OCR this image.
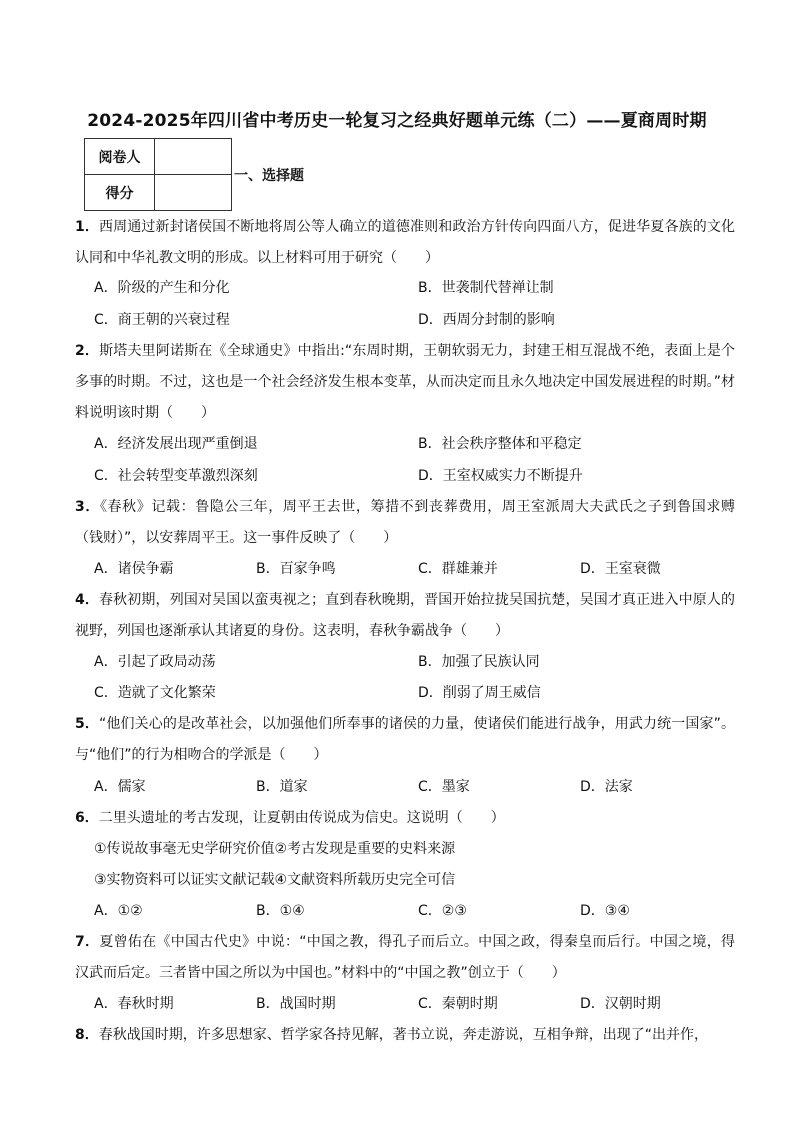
2024-2025年四川省中考历史一轮复习之经典好题单元练（二）——夏商周时期
阅卷人	
得分	
一、选择题
1．西周通过新封诸侯国不断地将周公等人确立的道德准则和政治方针传向四面八方，促进华夏各族的文化认同和中华礼教文明的形成。以上材料可用于研究（　　）
A．阶级的产生和分化	B．世袭制代替禅让制
C．商王朝的兴衰过程	D．西周分封制的影响
2．斯塔夫里阿诺斯在《全球通史》中指出:“东周时期，王朝软弱无力，封建王相互混战不绝，表面上是个多事的时期。不过，这也是一个社会经济发生根本变革，从而决定而且永久地决定中国发展进程的时期。”材料说明该时期（　　）
A．经济发展出现严重倒退	B．社会秩序整体和平稳定
C．社会转型变革激烈深刻	D．王室权威实力不断提升
3．《春秋》记载：鲁隐公三年，周平王去世，筹措不到丧葬费用，周王室派周大夫武氏之子到鲁国求赙（钱财）”，以安葬周平王。这一事件反映了（　　）
A．诸侯争霸	B．百家争鸣	C．群雄兼并	D．王室衰微
4．春秋初期，列国对吴国以蛮夷视之；直到春秋晚期，晋国开始拉拢吴国抗楚，吴国才真正进入中原人的视野，列国也逐渐承认其诸夏的身份。这表明，春秋争霸战争（　　）
A．引起了政局动荡	B．加强了民族认同
C．造就了文化繁荣	D．削弱了周王威信
5．“他们关心的是改革社会，以加强他们所奉事的诸侯的力量，使诸侯们能进行战争，用武力统一国家”。与“他们”的行为相吻合的学派是（　　）
A．儒家	B．道家	C．墨家	D．法家
6．二里头遗址的考古发现，让夏朝由传说成为信史。这说明（　　）
①传说故事毫无史学研究价值②考古发现是重要的史料来源
③实物资料可以证实文献记载④文献资料所载历史完全可信
A．①②	B．①④	C．②③	D．③④
7．夏曾佑在《中国古代史》中说：“中国之教，得孔子而后立。中国之政，得秦皇而后行。中国之境，得汉武而后定。三者皆中国之所以为中国也。”材料中的“中国之教”创立于（　　）
A．春秋时期	B．战国时期	C．秦朝时期	D．汉朝时期
8．春秋战国时期，许多思想家、哲学家各持见解，著书立说，奔走游说，互相争辩，出现了“出并作，
